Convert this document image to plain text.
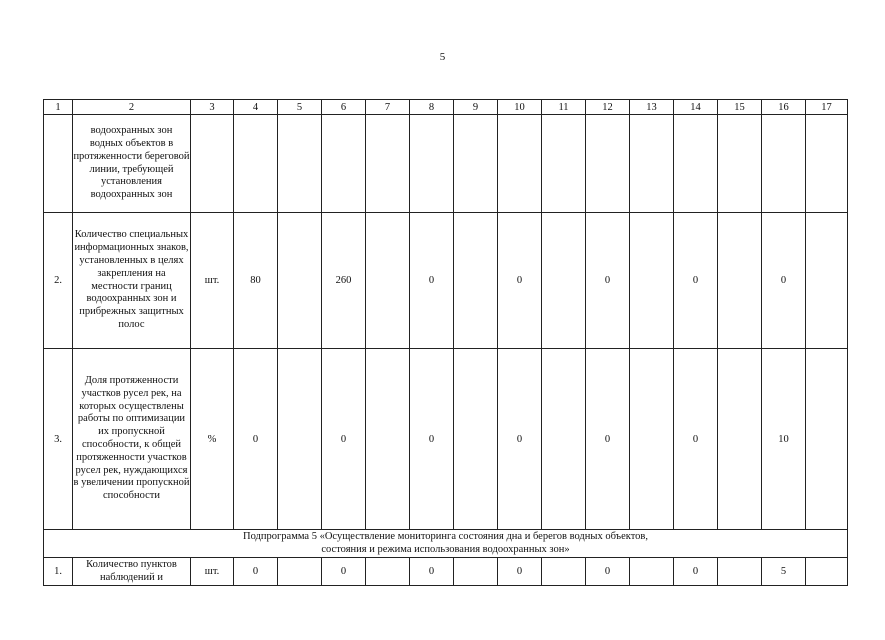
5
1	2	3	4	5	6	7	8	9	10	11	12	13	14	15	16	17
	водоохранных зон водных объектов в протяженности береговой линии, требующей установления водоохранных зон															
2.	Количество специальных информационных знаков, установленных в целях закрепления на местности границ водоохранных зон и прибрежных защитных полос	шт.	80		260		0		0		0		0		0	
3.	Доля протяженности участков русел рек, на которых осуществлены работы по оптимизации их пропускной способности, к общей протяженности участков русел рек, нуждающихся в увеличении пропускной способности	%	0		0		0		0		0		0		10	

Подпрограмма 5 «Осуществление мониторинга состояния дна и берегов водных объектов,
состояния и режима использования водоохранных зон»																

1.	Количество пунктов наблюдений и	шт.	0		0		0		0		0		0		5	
